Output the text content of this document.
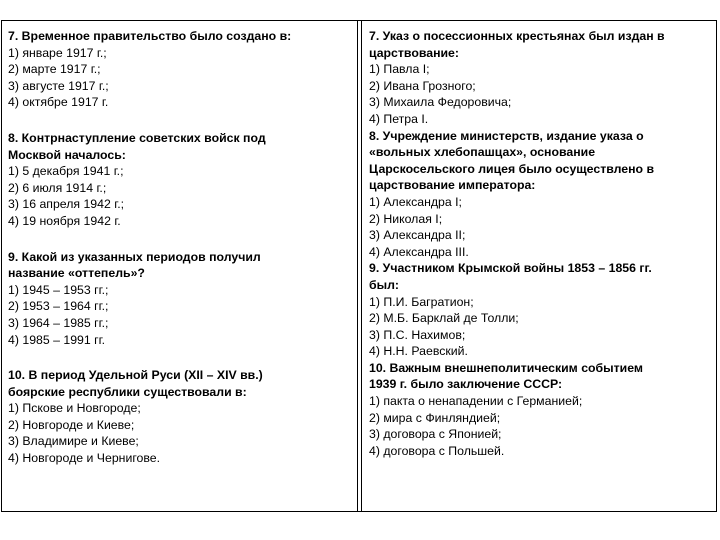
7. Временное правительство было создано в:
1) январе 1917 г.;
2) марте 1917 г.;
3) августе 1917 г.;
4) октябре 1917 г.
8. Контрнаступление советских войск под
Москвой началось:
1) 5 декабря 1941 г.;
2) 6 июля 1914 г.;
3) 16 апреля 1942 г.;
4) 19 ноября 1942 г.
9. Какой из указанных периодов получил
название «оттепель»?
1) 1945 – 1953 гг.;
2) 1953 – 1964 гг.;
3) 1964 – 1985 гг.;
4) 1985 – 1991 гг.
10. В период Удельной Руси (XII – XIV вв.)
боярские республики существовали в:
1) Пскове и Новгороде;
2) Новгороде и Киеве;
3) Владимире и Киеве;
4) Новгороде и Чернигове.
7. Указ о посессионных крестьянах был издан в
царствование:
1) Павла I;
2) Ивана Грозного;
3) Михаила Федоровича;
4) Петра I.
8. Учреждение министерств, издание указа о
«вольных хлебопашцах», основание
Царскосельского лицея было осуществлено в
царствование императора:
1) Александра I;
2) Николая I;
3) Александра II;
4) Александра III.
9. Участником Крымской войны 1853 – 1856 гг.
был:
1) П.И. Багратион;
2) М.Б. Барклай де Толли;
3) П.С. Нахимов;
4) Н.Н. Раевский.
10. Важным внешнеполитическим событием
1939 г. было заключение СССР:
1) пакта о ненападении с Германией;
2) мира с Финляндией;
3) договора с Японией;
4) договора с Польшей.
